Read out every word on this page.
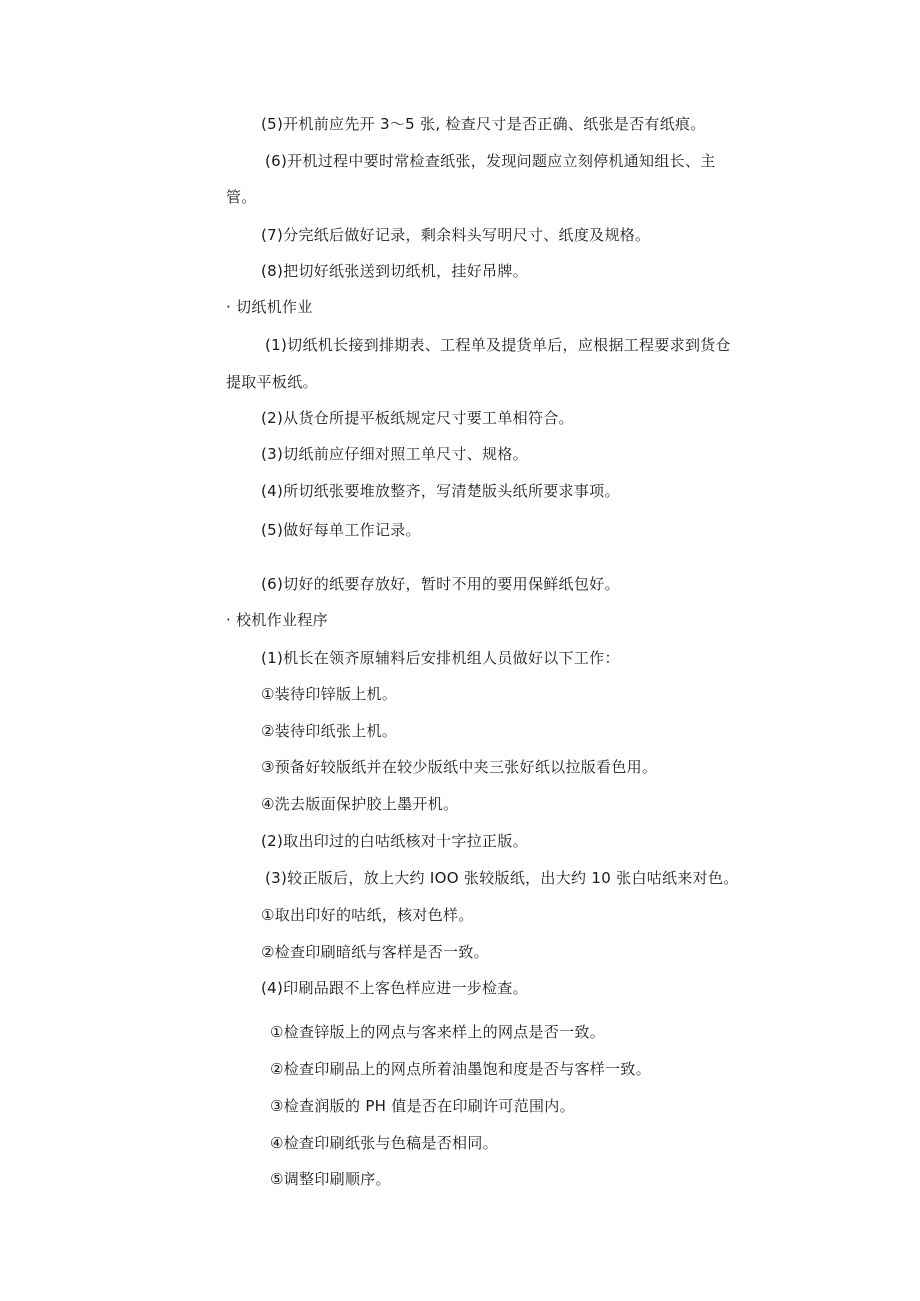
(5)开机前应先开 3～5 张, 检查尺寸是否正确、纸张是否有纸痕。
(6)开机过程中要时常检查纸张，发现问题应立刻停机通知组长、主
管。
(7)分完纸后做好记录，剩余料头写明尺寸、纸度及规格。
(8)把切好纸张送到切纸机，挂好吊牌。
· 切纸机作业
(1)切纸机长接到排期表、工程单及提货单后，应根据工程要求到货仓
提取平板纸。
(2)从货仓所提平板纸规定尺寸要工单相符合。
(3)切纸前应仔细对照工单尺寸、规格。
(4)所切纸张要堆放整齐，写清楚版头纸所要求事项。
(5)做好每单工作记录。
(6)切好的纸要存放好，暂时不用的要用保鲜纸包好。
· 校机作业程序
(1)机长在领齐原辅料后安排机组人员做好以下工作：
①装待印锌版上机。
②装待印纸张上机。
③预备好较版纸并在较少版纸中夹三张好纸以拉版看色用。
④洗去版面保护胶上墨开机。
(2)取出印过的白咕纸核对十字拉正版。
(3)较正版后，放上大约 IOO 张较版纸，出大约 10 张白咕纸来对色。
①取出印好的咕纸，核对色样。
②检查印刷暗纸与客样是否一致。
(4)印刷品跟不上客色样应进一步检查。
①检查锌版上的网点与客来样上的网点是否一致。
②检查印刷品上的网点所着油墨饱和度是否与客样一致。
③检查润版的 PH 值是否在印刷许可范围内。
④检查印刷纸张与色稿是否相同。
⑤调整印刷顺序。
